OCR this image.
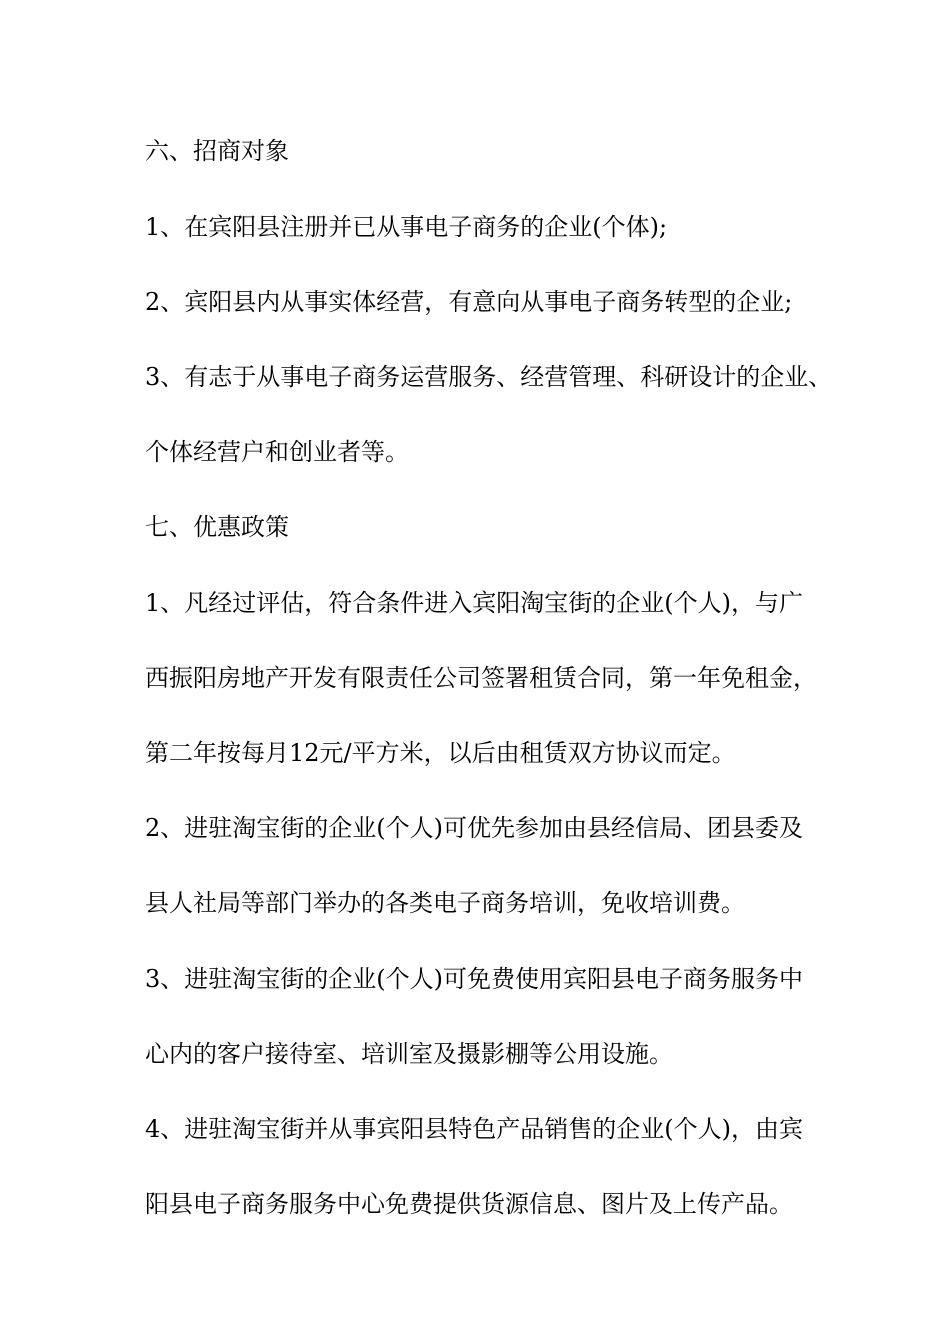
六、招商对象
1、在宾阳县注册并已从事电子商务的企业(个体);
2、宾阳县内从事实体经营，有意向从事电子商务转型的企业;
3、有志于从事电子商务运营服务、经营管理、科研设计的企业、
个体经营户和创业者等。
七、优惠政策
1、凡经过评估，符合条件进入宾阳淘宝街的企业(个人)，与广
西振阳房地产开发有限责任公司签署租赁合同，第一年免租金，
第二年按每月12元/平方米，以后由租赁双方协议而定。
2、进驻淘宝街的企业(个人)可优先参加由县经信局、团县委及
县人社局等部门举办的各类电子商务培训，免收培训费。
3、进驻淘宝街的企业(个人)可免费使用宾阳县电子商务服务中
心内的客户接待室、培训室及摄影棚等公用设施。
4、进驻淘宝街并从事宾阳县特色产品销售的企业(个人)，由宾
阳县电子商务服务中心免费提供货源信息、图片及上传产品。
